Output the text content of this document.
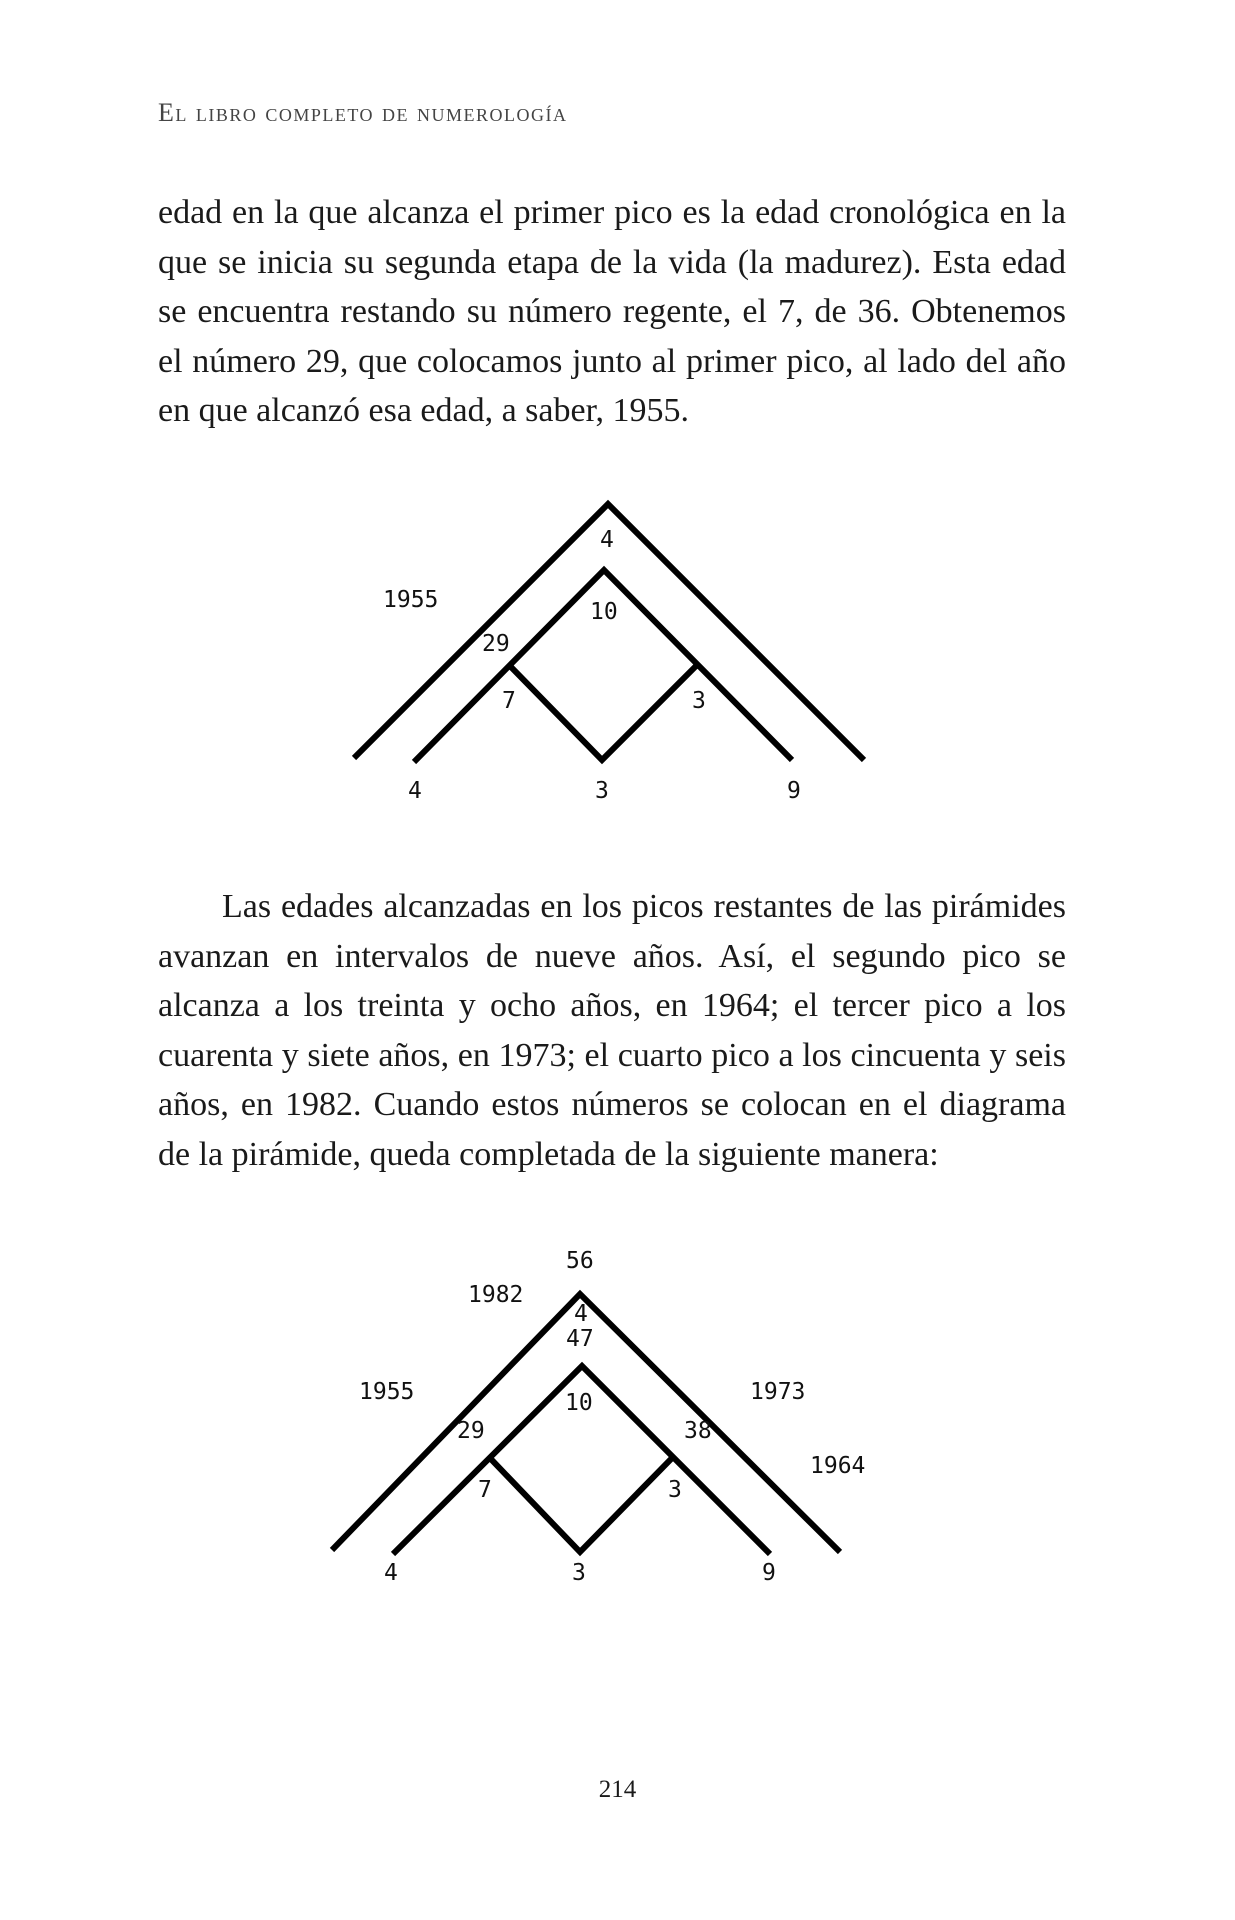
El libro completo de numerología

edad en la que alcanza el primer pico es la edad cronológica en la que se inicia su segunda etapa de la vida (la madurez). Esta edad se encuentra restando su número regente, el 7, de 36. Obtenemos el número 29, que colocamos junto al primer pico, al lado del año en que alcanzó esa edad, a saber, 1955.

4
10
1955
29
7	3
4	3	9

Las edades alcanzadas en los picos restantes de las pirámides avanzan en intervalos de nueve años. Así, el segundo pico se alcanza a los treinta y ocho años, en 1964; el tercer pico a los cuarenta y siete años, en 1973; el cuarto pico a los cincuenta y seis años, en 1982. Cuando estos números se colocan en el diagrama de la pirámide, queda completada de la siguiente manera:

56
1982
4
47
1955	10	1973
29	38
1964
7	3
4	3	9
214
